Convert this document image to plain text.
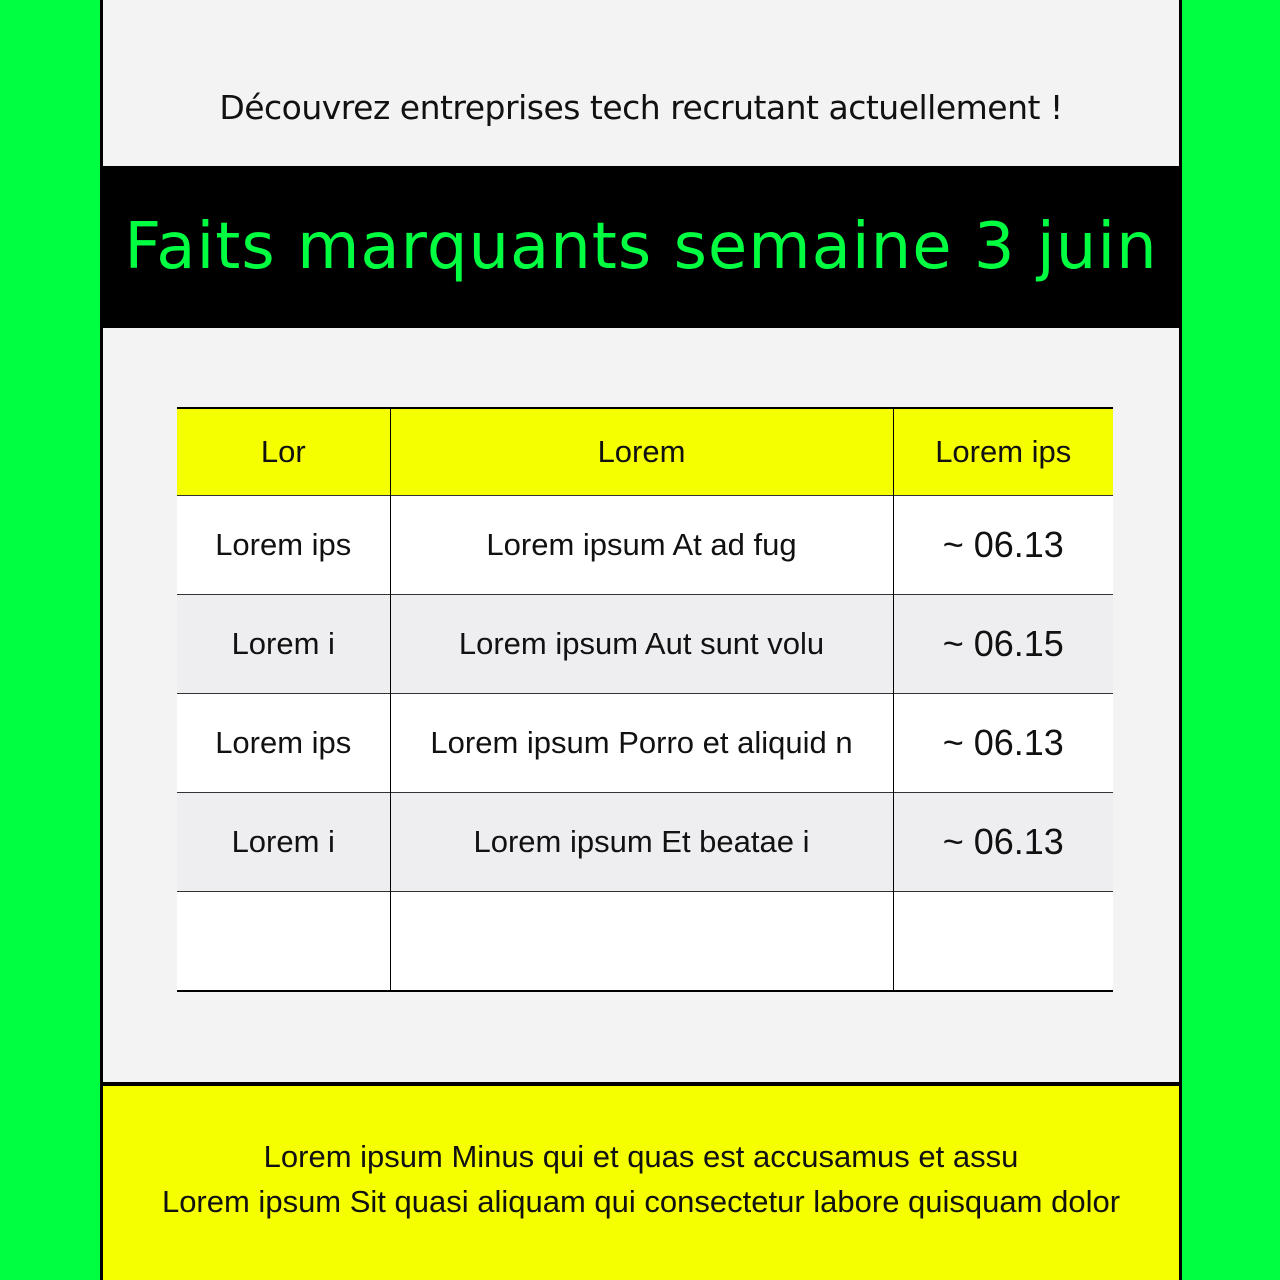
Découvrez entreprises tech recrutant actuellement !
Faits marquants semaine 3 juin
Lor	Lorem	Lorem ips
Lorem ips	Lorem ipsum At ad fug	~ 06.13
Lorem i	Lorem ipsum Aut sunt volu	~ 06.15
Lorem ips	Lorem ipsum Porro et aliquid n	~ 06.13
Lorem i	Lorem ipsum Et beatae i	~ 06.13

Lorem ipsum Minus qui et quas est accusamus et assu
Lorem ipsum Sit quasi aliquam qui consectetur labore quisquam dolor
